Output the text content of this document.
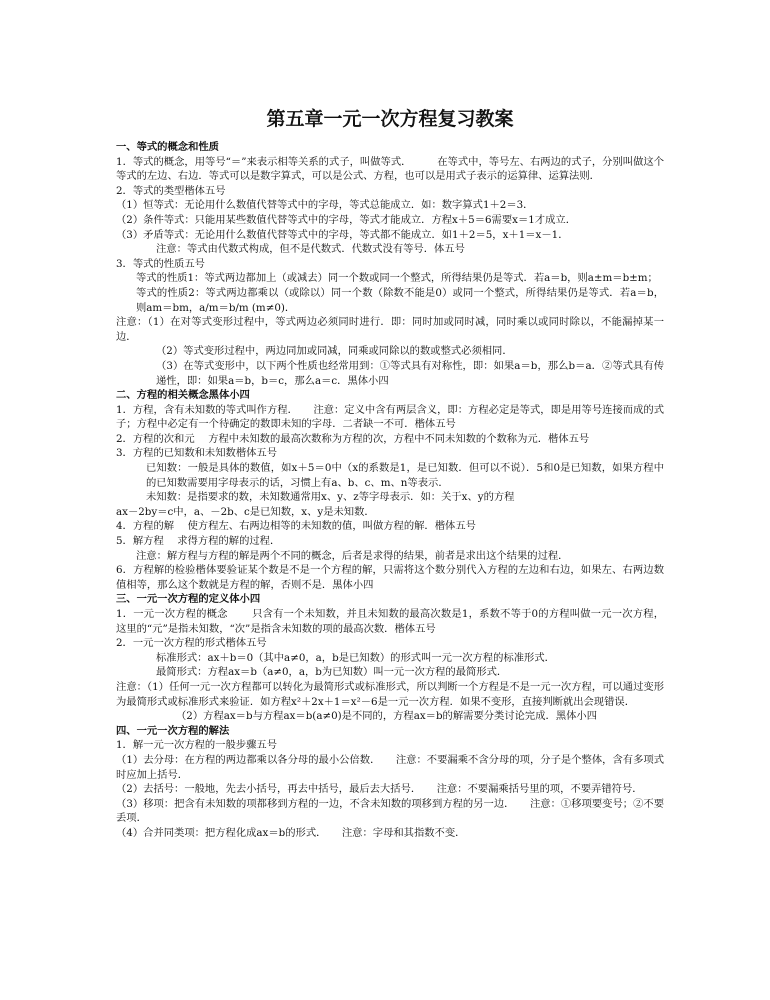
第五章一元一次方程复习教案

一、等式的概念和性质

1．等式的概念，用等号“＝”来表示相等关系的式子，叫做等式．　　　在等式中，等号左、右两边的式子，分别叫做这个等式的左边、右边．等式可以是数字算式，可以是公式、方程，也可以是用式子表示的运算律、运算法则．

2．等式的类型楷体五号

（1）恒等式：无论用什么数值代替等式中的字母，等式总能成立．如：数字算式1＋2＝3．

（2）条件等式：只能用某些数值代替等式中的字母，等式才能成立．方程x＋5＝6需要x＝1才成立．

（3）矛盾等式：无论用什么数值代替等式中的字母，等式都不能成立．如1＋2＝5，x＋1＝x－1．

注意：等式由代数式构成，但不是代数式．代数式没有等号．体五号

3．等式的性质五号

等式的性质1：等式两边都加上（或减去）同一个数或同一个整式，所得结果仍是等式．若a＝b，则a±m＝b±m；

等式的性质2：等式两边都乘以（或除以）同一个数（除数不能是0）或同一个整式，所得结果仍是等式．若a＝b，则am＝bm，a/m＝b/m (m≠0)．

注意：（1）在对等式变形过程中，等式两边必须同时进行．即：同时加或同时减，同时乘以或同时除以，不能漏掉某一边．

（2）等式变形过程中，两边同加或同减，同乘或同除以的数或整式必须相同．

（3）在等式变形中，以下两个性质也经常用到：①等式具有对称性，即：如果a＝b，那么b＝a．②等式具有传递性，即：如果a＝b，b＝c，那么a＝c．黑体小四

二、方程的相关概念黑体小四

1．方程，含有未知数的等式叫作方程．　　注意：定义中含有两层含义，即：方程必定是等式，即是用等号连接而成的式子；方程中必定有一个待确定的数即未知的字母．二者缺一不可．楷体五号

2．方程的次和元　 方程中未知数的最高次数称为方程的次，方程中不同未知数的个数称为元．楷体五号

3．方程的已知数和未知数楷体五号

已知数：一般是具体的数值，如x＋5＝0中（x的系数是1，是已知数．但可以不说）．5和0是已知数，如果方程中的已知数需要用字母表示的话，习惯上有a、b、c、m、n等表示．

未知数：是指要求的数，未知数通常用x、y、z等字母表示．如：关于x、y的方程

ax－2by＝c中，a、－2b、c是已知数，x、y是未知数．

4．方程的解　 使方程左、右两边相等的未知数的值，叫做方程的解．楷体五号

5．解方程　 求得方程的解的过程．

注意：解方程与方程的解是两个不同的概念，后者是求得的结果，前者是求出这个结果的过程．

6．方程解的检验楷体要验证某个数是不是一个方程的解，只需将这个数分别代入方程的左边和右边，如果左、右两边数值相等，那么这个数就是方程的解，否则不是．黑体小四

三、一元一次方程的定义体小四

1．一元一次方程的概念　　 只含有一个未知数，并且未知数的最高次数是1，系数不等于0的方程叫做一元一次方程，这里的“元”是指未知数，“次”是指含未知数的项的最高次数．楷体五号

2．一元一次方程的形式楷体五号

标准形式：ax＋b＝0（其中a≠0，a，b是已知数）的形式叫一元一次方程的标准形式．

最简形式：方程ax＝b（a≠0，a，b为已知数）叫一元一次方程的最简形式．

注意：（1）任何一元一次方程都可以转化为最简形式或标准形式，所以判断一个方程是不是一元一次方程，可以通过变形为最简形式或标准形式来验证．如方程x²＋2x＋1＝x²－6是一元一次方程．如果不变形，直接判断就出会现错误．

（2）方程ax＝b与方程ax＝b(a≠0)是不同的，方程ax＝b的解需要分类讨论完成．黑体小四

四、一元一次方程的解法

1．解一元一次方程的一般步骤五号

（1）去分母：在方程的两边都乘以各分母的最小公倍数．　　注意：不要漏乘不含分母的项，分子是个整体，含有多项式时应加上括号．

（2）去括号：一般地，先去小括号，再去中括号，最后去大括号．　　注意：不要漏乘括号里的项，不要弄错符号．

（3）移项：把含有未知数的项都移到方程的一边，不含未知数的项移到方程的另一边．　　注意：①移项要变号；②不要丢项．

（4）合并同类项：把方程化成ax＝b的形式．　　注意：字母和其指数不变．
